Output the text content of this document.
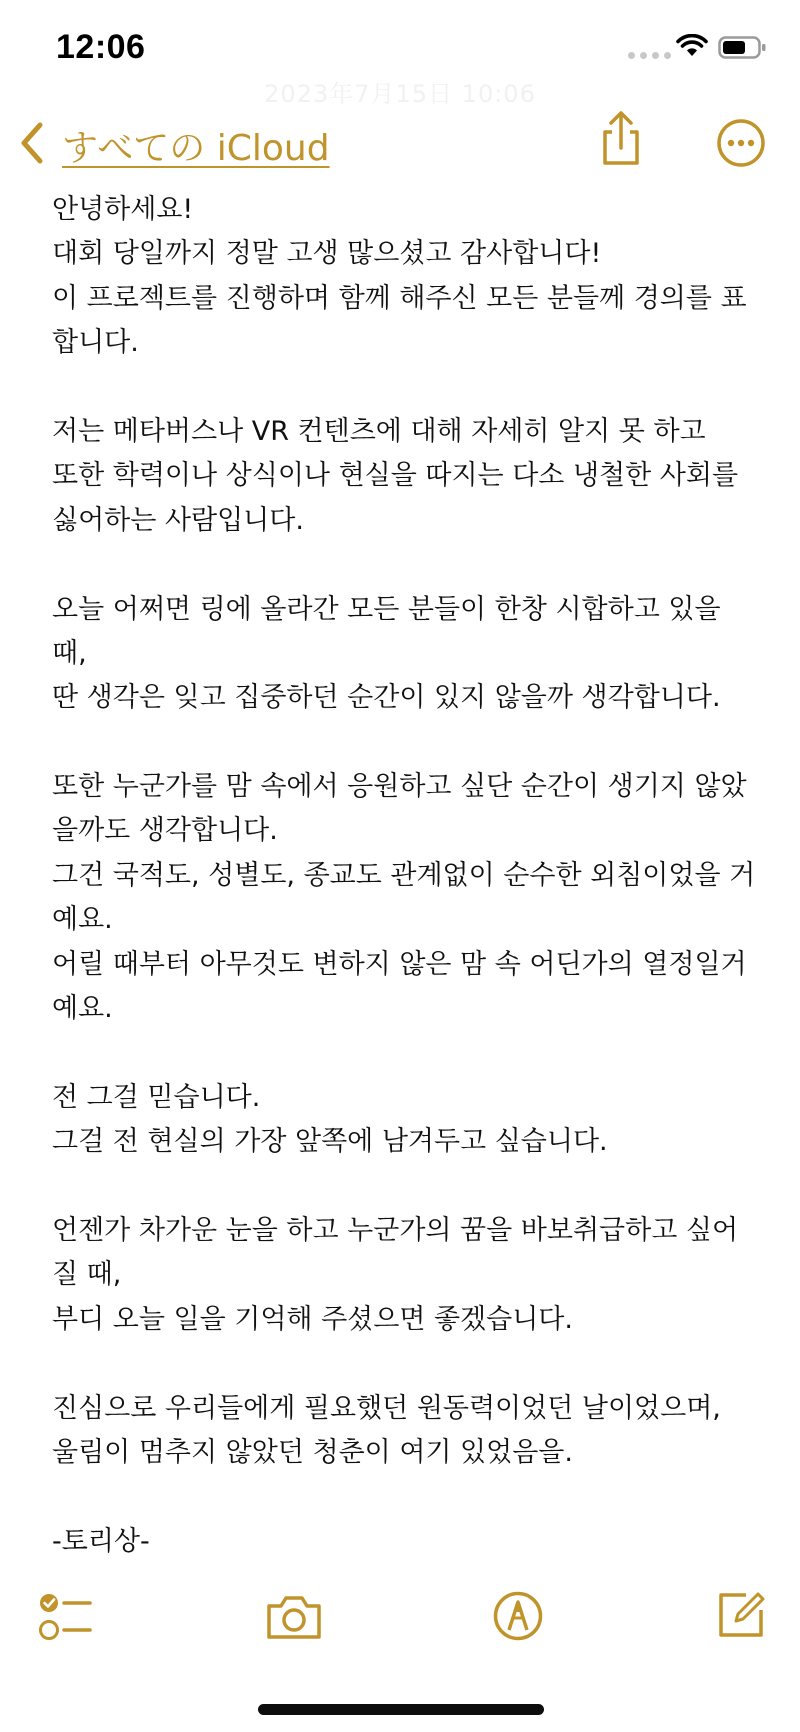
12:06
2023年7月15日 10:06
すべての iCloud
안녕하세요!
대회 당일까지 정말 고생 많으셨고 감사합니다!
이 프로젝트를 진행하며 함께 해주신 모든 분들께 경의를 표
합니다.
저는 메타버스나 VR 컨텐츠에 대해 자세히 알지 못 하고
또한 학력이나 상식이나 현실을 따지는 다소 냉철한 사회를
싫어하는 사람입니다.
오늘 어쩌면 링에 올라간 모든 분들이 한창 시합하고 있을
때,
딴 생각은 잊고 집중하던 순간이 있지 않을까 생각합니다.
또한 누군가를 맘 속에서 응원하고 싶단 순간이 생기지 않았
을까도 생각합니다.
그건 국적도, 성별도, 종교도 관계없이 순수한 외침이었을 거
예요.
어릴 때부터 아무것도 변하지 않은 맘 속 어딘가의 열정일거
예요.
전 그걸 믿습니다.
그걸 전 현실의 가장 앞쪽에 남겨두고 싶습니다.
언젠가 차가운 눈을 하고 누군가의 꿈을 바보취급하고 싶어
질 때,
부디 오늘 일을 기억해 주셨으면 좋겠습니다.
진심으로 우리들에게 필요했던 원동력이었던 날이었으며,
울림이 멈추지 않았던 청춘이 여기 있었음을.
-토리상-
